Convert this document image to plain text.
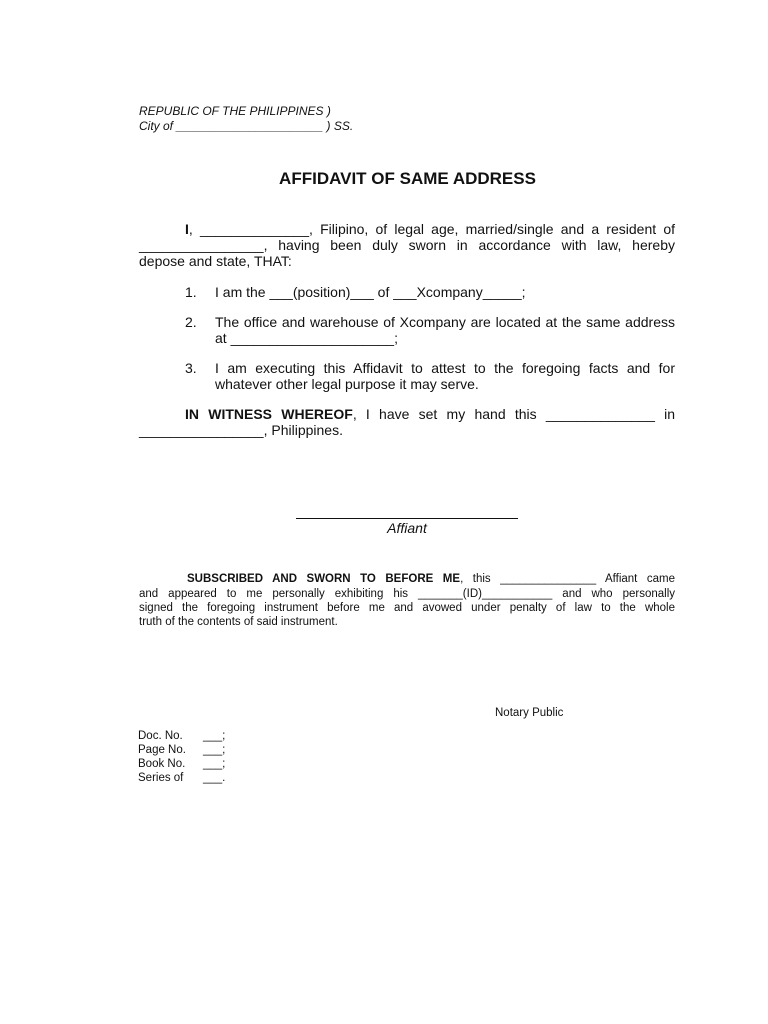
REPUBLIC OF THE PHILIPPINES )
City of ______________________ ) SS.
AFFIDAVIT OF SAME ADDRESS
I, ______________, Filipino, of legal age, married/single and a resident of
________________, having been duly sworn in accordance with law, hereby
depose and state, THAT:
1. I am the ___(position)___ of ___Xcompany_____;
2. The office and warehouse of Xcompany are located at the same address
at _____________________;
3. I am executing this Affidavit to attest to the foregoing facts and for
whatever other legal purpose it may serve.
IN WITNESS WHEREOF, I have set my hand this ______________ in
________________, Philippines.
Affiant
SUBSCRIBED AND SWORN TO BEFORE ME, this _______________ Affiant came
and appeared to me personally exhibiting his _______(ID)___________ and who personally
signed the foregoing instrument before me and avowed under penalty of law to the whole
truth of the contents of said instrument.
Notary Public
Doc. No. ___;
Page No. ___;
Book No. ___;
Series of ___.
